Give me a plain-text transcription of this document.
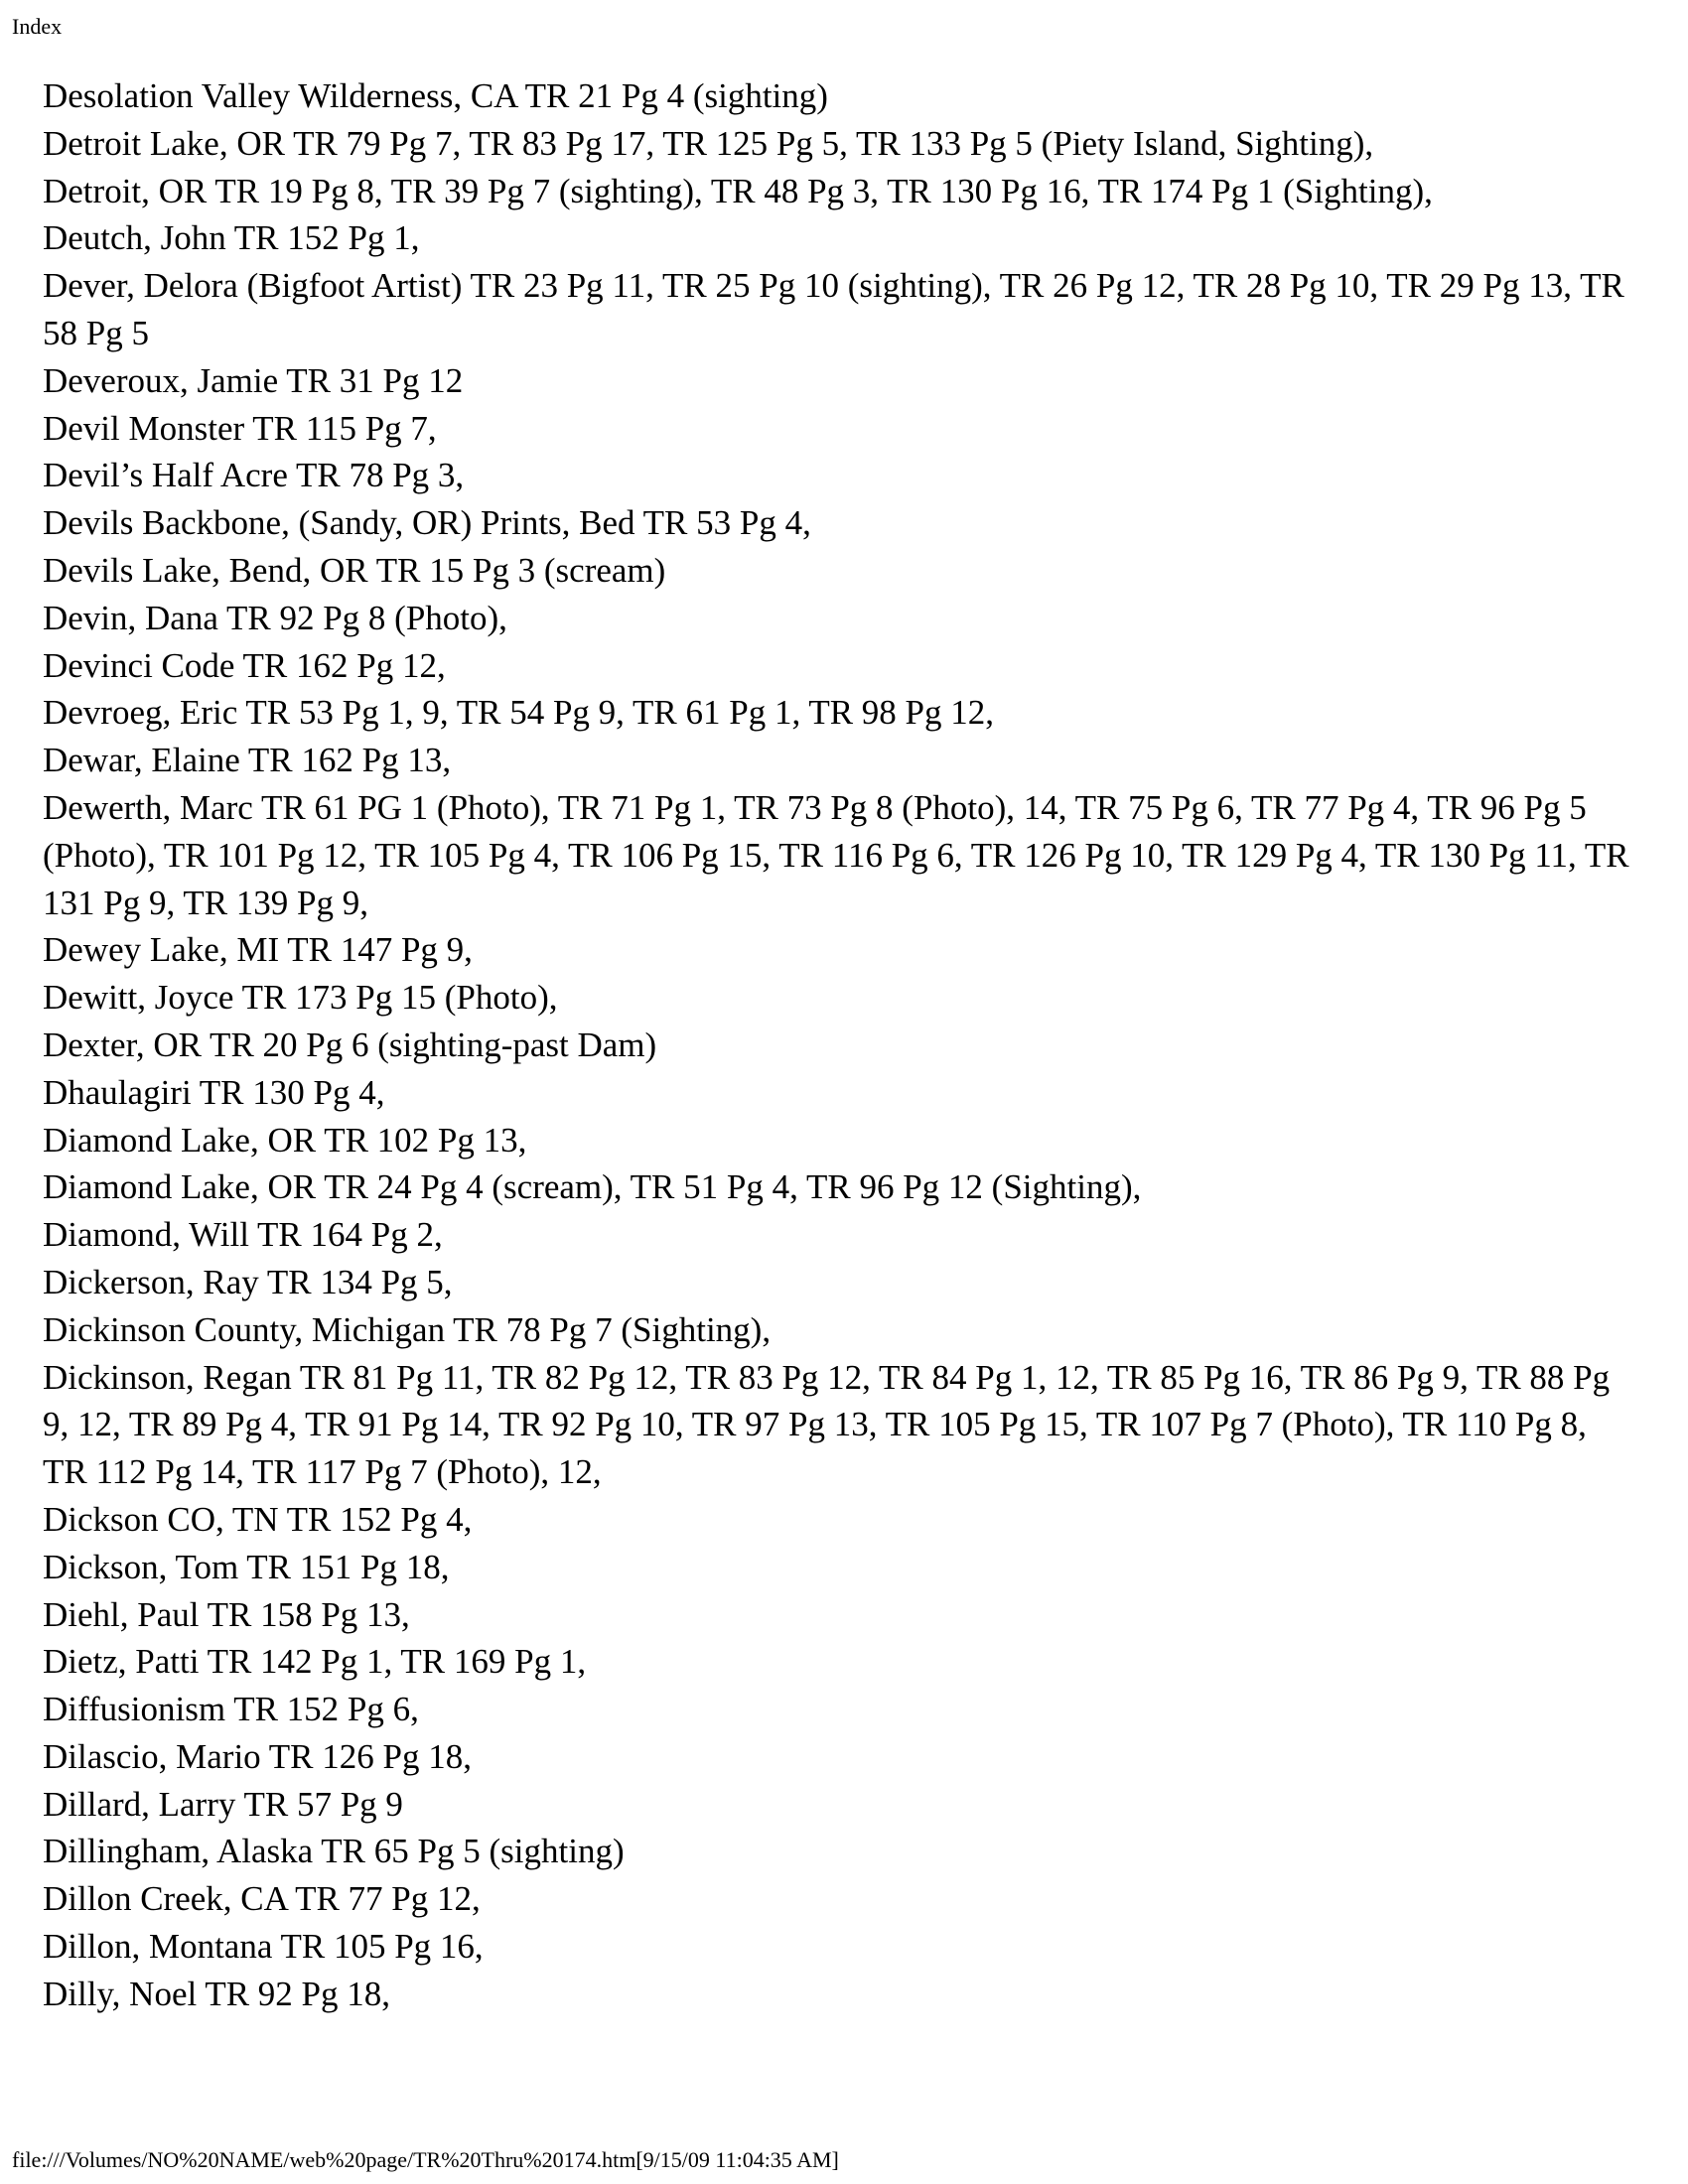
Index
Desolation Valley Wilderness, CA TR 21 Pg 4 (sighting)
Detroit Lake, OR TR 79 Pg 7, TR 83 Pg 17, TR 125 Pg 5, TR 133 Pg 5 (Piety Island, Sighting),
Detroit, OR TR 19 Pg 8, TR 39 Pg 7 (sighting), TR 48 Pg 3, TR 130 Pg 16, TR 174 Pg 1 (Sighting),
Deutch, John TR 152 Pg 1,
Dever, Delora (Bigfoot Artist) TR 23 Pg 11, TR 25 Pg 10 (sighting), TR 26 Pg 12, TR 28 Pg 10, TR 29 Pg 13, TR 58 Pg 5
Deveroux, Jamie TR 31 Pg 12
Devil Monster TR 115 Pg 7,
Devil’s Half Acre TR 78 Pg 3,
Devils Backbone, (Sandy, OR) Prints, Bed TR 53 Pg 4,
Devils Lake, Bend, OR TR 15 Pg 3 (scream)
Devin, Dana TR 92 Pg 8 (Photo),
Devinci Code TR 162 Pg 12,
Devroeg, Eric TR 53 Pg 1, 9, TR 54 Pg 9, TR 61 Pg 1, TR 98 Pg 12,
Dewar, Elaine TR 162 Pg 13,
Dewerth, Marc TR 61 PG 1 (Photo), TR 71 Pg 1, TR 73 Pg 8 (Photo), 14, TR 75 Pg 6, TR 77 Pg 4, TR 96 Pg 5 (Photo), TR 101 Pg 12, TR 105 Pg 4, TR 106 Pg 15, TR 116 Pg 6, TR 126 Pg 10, TR 129 Pg 4, TR 130 Pg 11, TR 131 Pg 9, TR 139 Pg 9,
Dewey Lake, MI TR 147 Pg 9,
Dewitt, Joyce TR 173 Pg 15 (Photo),
Dexter, OR TR 20 Pg 6 (sighting-past Dam)
Dhaulagiri TR 130 Pg 4,
Diamond Lake, OR TR 102 Pg 13,
Diamond Lake, OR TR 24 Pg 4 (scream), TR 51 Pg 4, TR 96 Pg 12 (Sighting),
Diamond, Will TR 164 Pg 2,
Dickerson, Ray TR 134 Pg 5,
Dickinson County, Michigan TR 78 Pg 7 (Sighting),
Dickinson, Regan TR 81 Pg 11, TR 82 Pg 12, TR 83 Pg 12, TR 84 Pg 1, 12, TR 85 Pg 16, TR 86 Pg 9, TR 88 Pg 9, 12, TR 89 Pg 4, TR 91 Pg 14, TR 92 Pg 10, TR 97 Pg 13, TR 105 Pg 15, TR 107 Pg 7 (Photo), TR 110 Pg 8, TR 112 Pg 14, TR 117 Pg 7 (Photo), 12,
Dickson CO, TN TR 152 Pg 4,
Dickson, Tom TR 151 Pg 18,
Diehl, Paul TR 158 Pg 13,
Dietz, Patti TR 142 Pg 1, TR 169 Pg 1,
Diffusionism TR 152 Pg 6,
Dilascio, Mario TR 126 Pg 18,
Dillard, Larry TR 57 Pg 9
Dillingham, Alaska TR 65 Pg 5 (sighting)
Dillon Creek, CA TR 77 Pg 12,
Dillon, Montana TR 105 Pg 16,
Dilly, Noel TR 92 Pg 18,
file:///Volumes/NO%20NAME/web%20page/TR%20Thru%20174.htm[9/15/09 11:04:35 AM]
